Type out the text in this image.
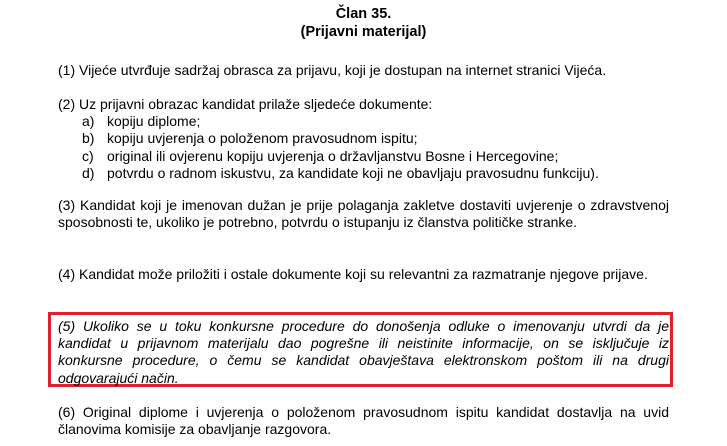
Član 35.
(Prijavni materijal)
(1) Vijeće utvrđuje sadržaj obrasca za prijavu, koji je dostupan na internet stranici Vijeća.
(2) Uz prijavni obrazac kandidat prilaže sljedeće dokumente:
a) kopiju diplome;
b) kopiju uvjerenja o položenom pravosudnom ispitu;
c) original ili ovjerenu kopiju uvjerenja o državljanstvu Bosne i Hercegovine;
d) potvrdu o radnom iskustvu, za kandidate koji ne obavljaju pravosudnu funkciju).
(3) Kandidat koji je imenovan dužan je prije polaganja zakletve dostaviti uvjerenje o zdravstvenoj sposobnosti te, ukoliko je potrebno, potvrdu o istupanju iz članstva političke stranke.
(4) Kandidat može priložiti i ostale dokumente koji su relevantni za razmatranje njegove prijave.
(5) Ukoliko se u toku konkursne procedure do donošenja odluke o imenovanju utvrdi da je kandidat u prijavnom materijalu dao pogrešne ili neistinite informacije, on se isključuje iz konkursne procedure, o čemu se kandidat obavještava elektronskom poštom ili na drugi odgovarajući način.
(6) Original diplome i uvjerenja o položenom pravosudnom ispitu kandidat dostavlja na uvid članovima komisije za obavljanje razgovora.
